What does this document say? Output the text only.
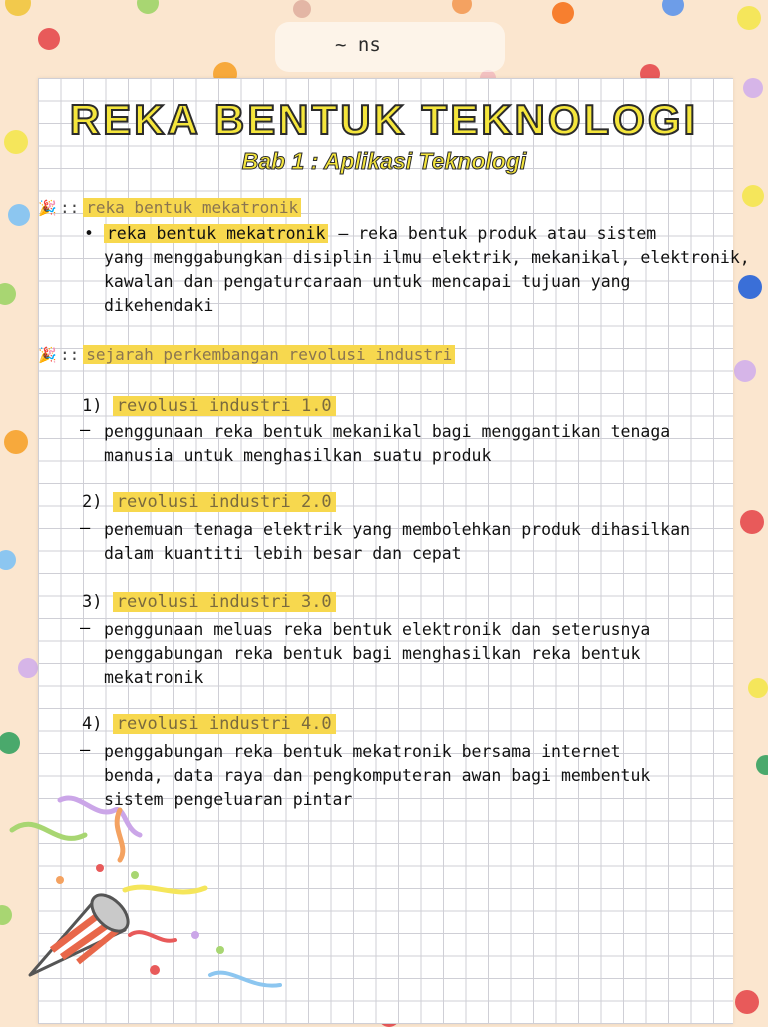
~ ns
REKA BENTUK TEKNOLOGI
Bab 1 : Aplikasi Teknologi
🎉 :: reka bentuk mekatronik
• reka bentuk mekatronik — reka bentuk produk atau sistem
yang menggabungkan disiplin ilmu elektrik, mekanikal, elektronik,
kawalan dan pengaturcaraan untuk mencapai tujuan yang
dikehendaki
🎉 :: sejarah perkembangan revolusi industri
1) revolusi industri 1.0
– penggunaan reka bentuk mekanikal bagi menggantikan tenaga
manusia untuk menghasilkan suatu produk
2) revolusi industri 2.0
– penemuan tenaga elektrik yang membolehkan produk dihasilkan
dalam kuantiti lebih besar dan cepat
3) revolusi industri 3.0
– penggunaan meluas reka bentuk elektronik dan seterusnya
penggabungan reka bentuk bagi menghasilkan reka bentuk
mekatronik
4) revolusi industri 4.0
– penggabungan reka bentuk mekatronik bersama internet
benda, data raya dan pengkomputeran awan bagi membentuk
sistem pengeluaran pintar
